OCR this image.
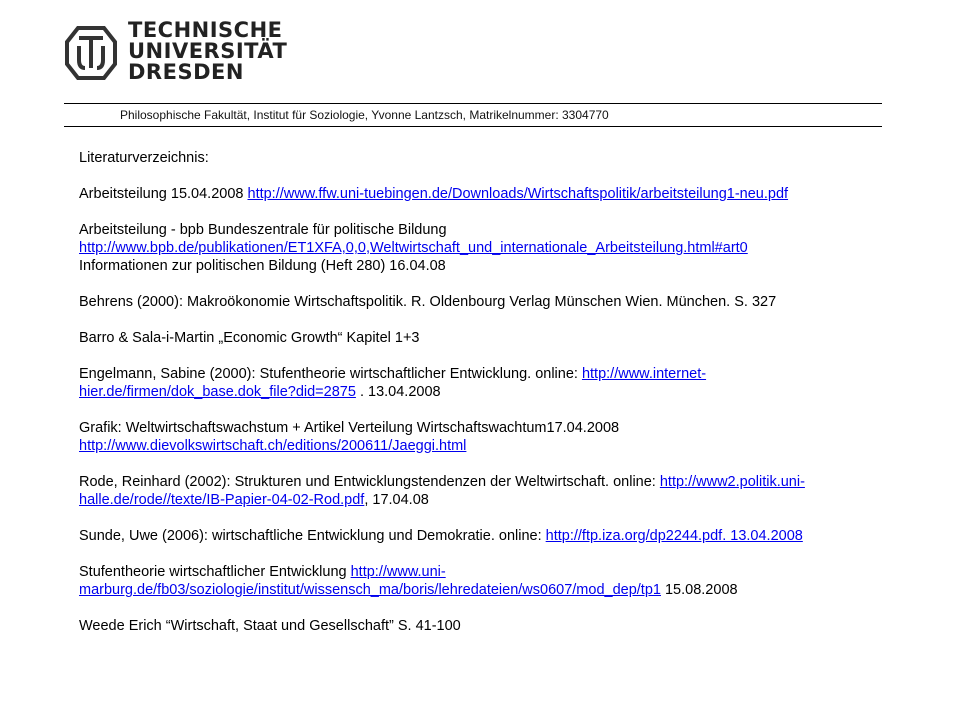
TECHNISCHE
UNIVERSITÄT
DRESDEN
Philosophische Fakultät, Institut für Soziologie, Yvonne Lantzsch, Matrikelnummer: 3304770

Literaturverzeichnis:

Arbeitsteilung 15.04.2008 http://www.ffw.uni-tuebingen.de/Downloads/Wirtschaftspolitik/arbeitsteilung1-neu.pdf

Arbeitsteilung - bpb Bundeszentrale für politische Bildung
http://www.bpb.de/publikationen/ET1XFA,0,0,Weltwirtschaft_und_internationale_Arbeitsteilung.html#art0
Informationen zur politischen Bildung (Heft 280) 16.04.08

Behrens (2000): Makroökonomie Wirtschaftspolitik. R. Oldenbourg Verlag Münschen Wien. München. S. 327

Barro & Sala-i-Martin „Economic Growth“ Kapitel 1+3

Engelmann, Sabine (2000): Stufentheorie wirtschaftlicher Entwicklung. online: http://www.internet-
hier.de/firmen/dok_base.dok_file?did=2875 . 13.04.2008

Grafik: Weltwirtschaftswachstum + Artikel Verteilung Wirtschaftswachtum17.04.2008
http://www.dievolkswirtschaft.ch/editions/200611/Jaeggi.html

Rode, Reinhard (2002): Strukturen und Entwicklungstendenzen der Weltwirtschaft. online: http://www2.politik.uni-
halle.de/rode//texte/IB-Papier-04-02-Rod.pdf, 17.04.08

Sunde, Uwe (2006): wirtschaftliche Entwicklung und Demokratie. online: http://ftp.iza.org/dp2244.pdf. 13.04.2008

Stufentheorie wirtschaftlicher Entwicklung http://www.uni-
marburg.de/fb03/soziologie/institut/wissensch_ma/boris/lehredateien/ws0607/mod_dep/tp1 15.08.2008

Weede Erich “Wirtschaft, Staat und Gesellschaft” S. 41-100
